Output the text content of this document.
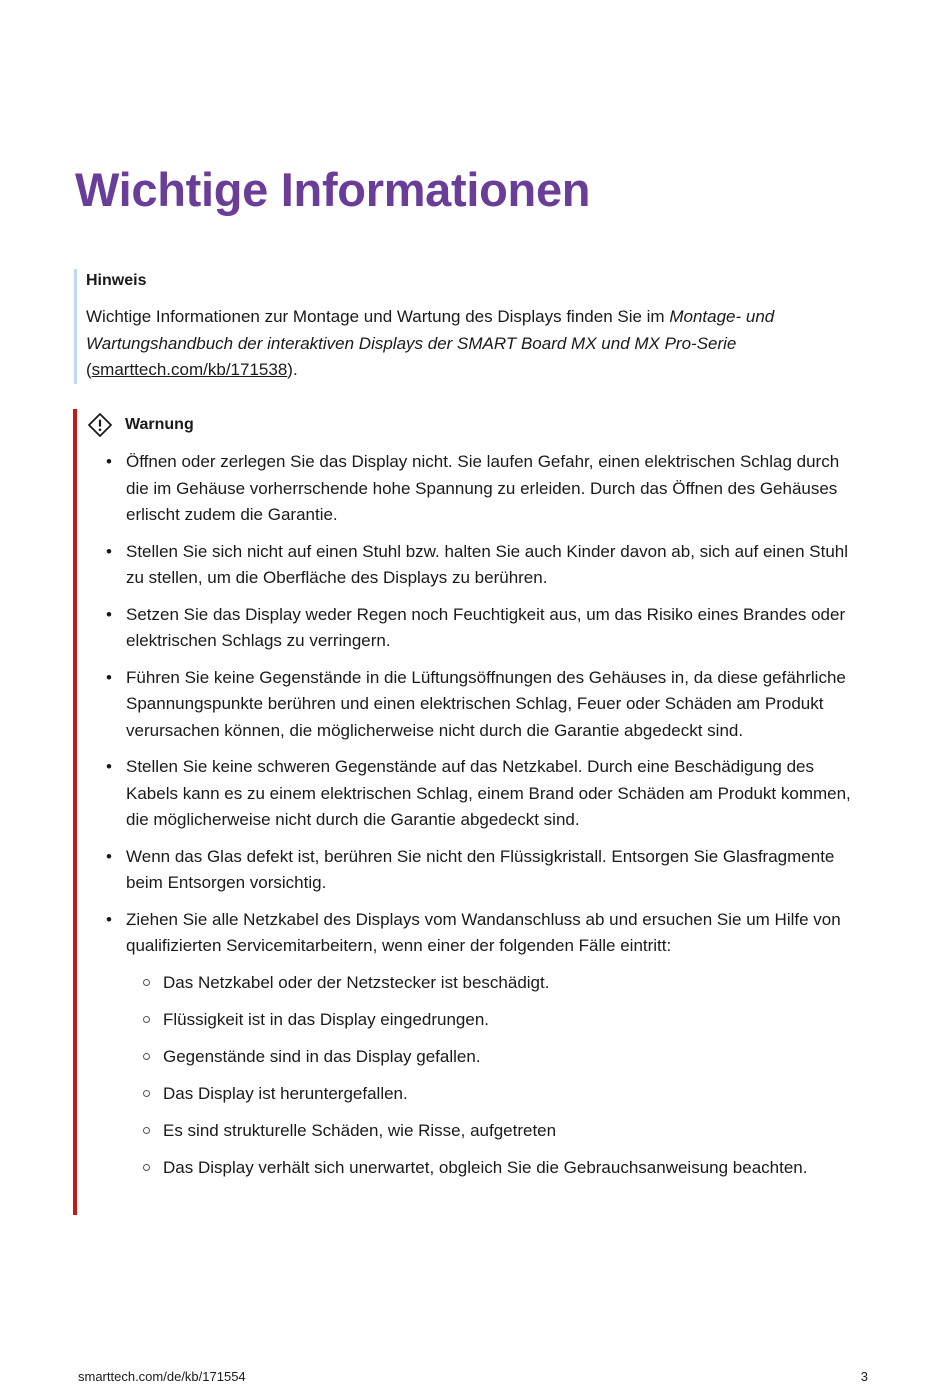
Wichtige Informationen

Hinweis

Wichtige Informationen zur Montage und Wartung des Displays finden Sie im Montage- und Wartungshandbuch der interaktiven Displays der SMART Board MX und MX Pro-Serie (smarttech.com/kb/171538).

Warnung
• Öffnen oder zerlegen Sie das Display nicht. Sie laufen Gefahr, einen elektrischen Schlag durch die im Gehäuse vorherrschende hohe Spannung zu erleiden. Durch das Öffnen des Gehäuses erlischt zudem die Garantie.
• Stellen Sie sich nicht auf einen Stuhl bzw. halten Sie auch Kinder davon ab, sich auf einen Stuhl zu stellen, um die Oberfläche des Displays zu berühren.
• Setzen Sie das Display weder Regen noch Feuchtigkeit aus, um das Risiko eines Brandes oder elektrischen Schlags zu verringern.
• Führen Sie keine Gegenstände in die Lüftungsöffnungen des Gehäuses in, da diese gefährliche Spannungspunkte berühren und einen elektrischen Schlag, Feuer oder Schäden am Produkt verursachen können, die möglicherweise nicht durch die Garantie abgedeckt sind.
• Stellen Sie keine schweren Gegenstände auf das Netzkabel. Durch eine Beschädigung des Kabels kann es zu einem elektrischen Schlag, einem Brand oder Schäden am Produkt kommen, die möglicherweise nicht durch die Garantie abgedeckt sind.
• Wenn das Glas defekt ist, berühren Sie nicht den Flüssigkristall. Entsorgen Sie Glasfragmente beim Entsorgen vorsichtig.
• Ziehen Sie alle Netzkabel des Displays vom Wandanschluss ab und ersuchen Sie um Hilfe von qualifizierten Servicemitarbeitern, wenn einer der folgenden Fälle eintritt:
Das Netzkabel oder der Netzstecker ist beschädigt.
Flüssigkeit ist in das Display eingedrungen.
Gegenstände sind in das Display gefallen.
Das Display ist heruntergefallen.
Es sind strukturelle Schäden, wie Risse, aufgetreten
Das Display verhält sich unerwartet, obgleich Sie die Gebrauchsanweisung beachten.
smarttech.com/de/kb/171554	3
